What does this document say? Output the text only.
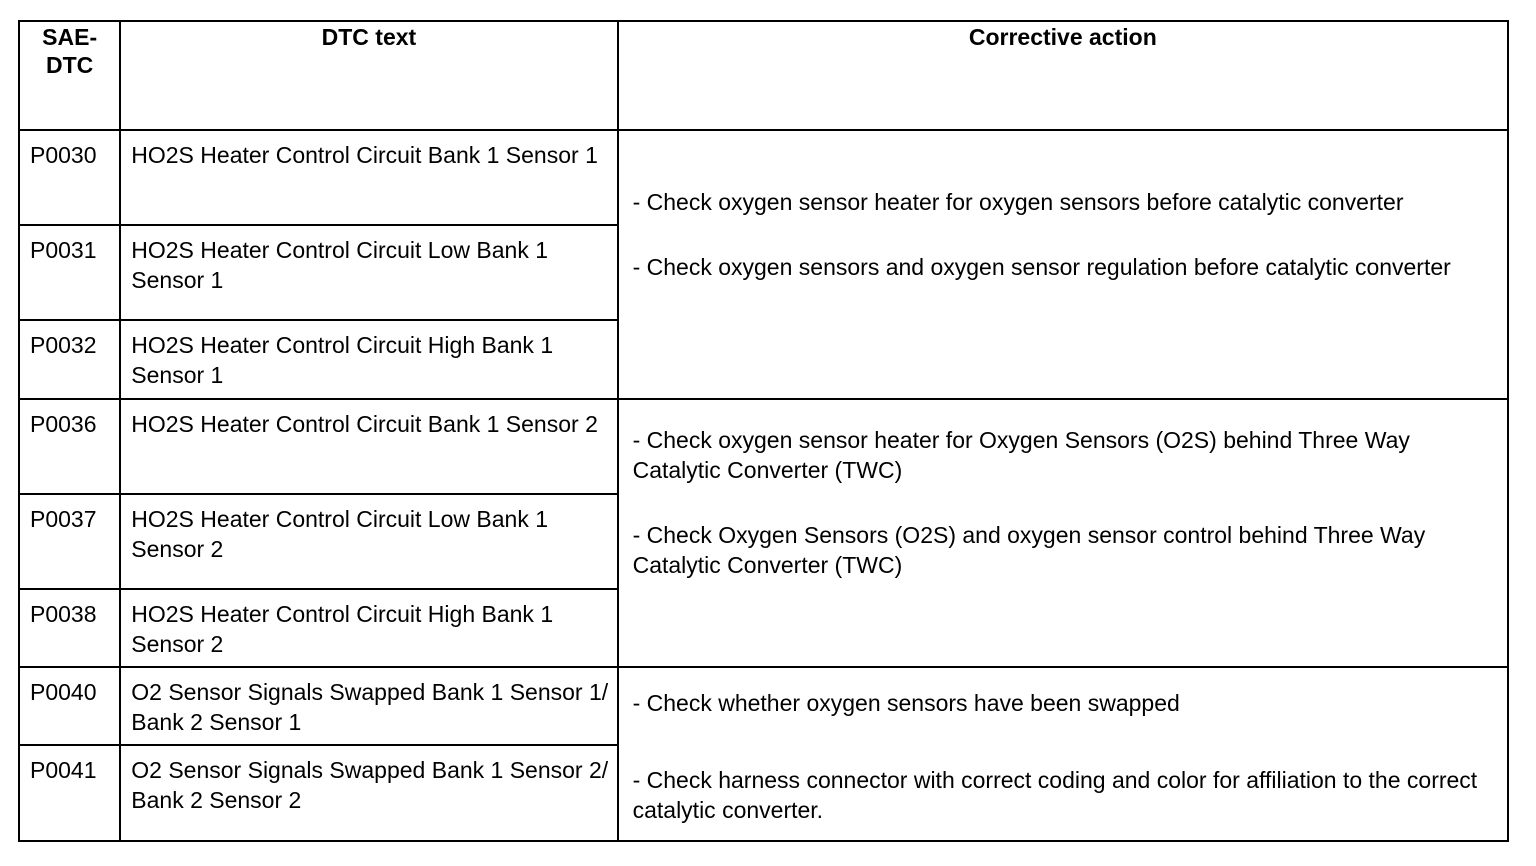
SAE-
DTC	DTC text	Corrective action
P0030	HO2S Heater Control Circuit Bank 1 Sensor 1	- Check oxygen sensor heater for oxygen sensors before catalytic converter
- Check oxygen sensors and oxygen sensor regulation before catalytic converter

P0031	HO2S Heater Control Circuit Low Bank 1 Sensor 1	
P0032	HO2S Heater Control Circuit High Bank 1 Sensor 1	
P0036	HO2S Heater Control Circuit Bank 1 Sensor 2	- Check oxygen sensor heater for Oxygen Sensors (O2S) behind Three Way Catalytic Converter (TWC)
- Check Oxygen Sensors (O2S) and oxygen sensor control behind Three Way Catalytic Converter (TWC)

P0037	HO2S Heater Control Circuit Low Bank 1 Sensor 2	
P0038	HO2S Heater Control Circuit High Bank 1 Sensor 2	
P0040	O2 Sensor Signals Swapped Bank 1 Sensor 1/ Bank 2 Sensor 1	- Check whether oxygen sensors have been swapped
- Check harness connector with correct coding and color for affiliation to the correct catalytic converter.

P0041	O2 Sensor Signals Swapped Bank 1 Sensor 2/ Bank 2 Sensor 2	
